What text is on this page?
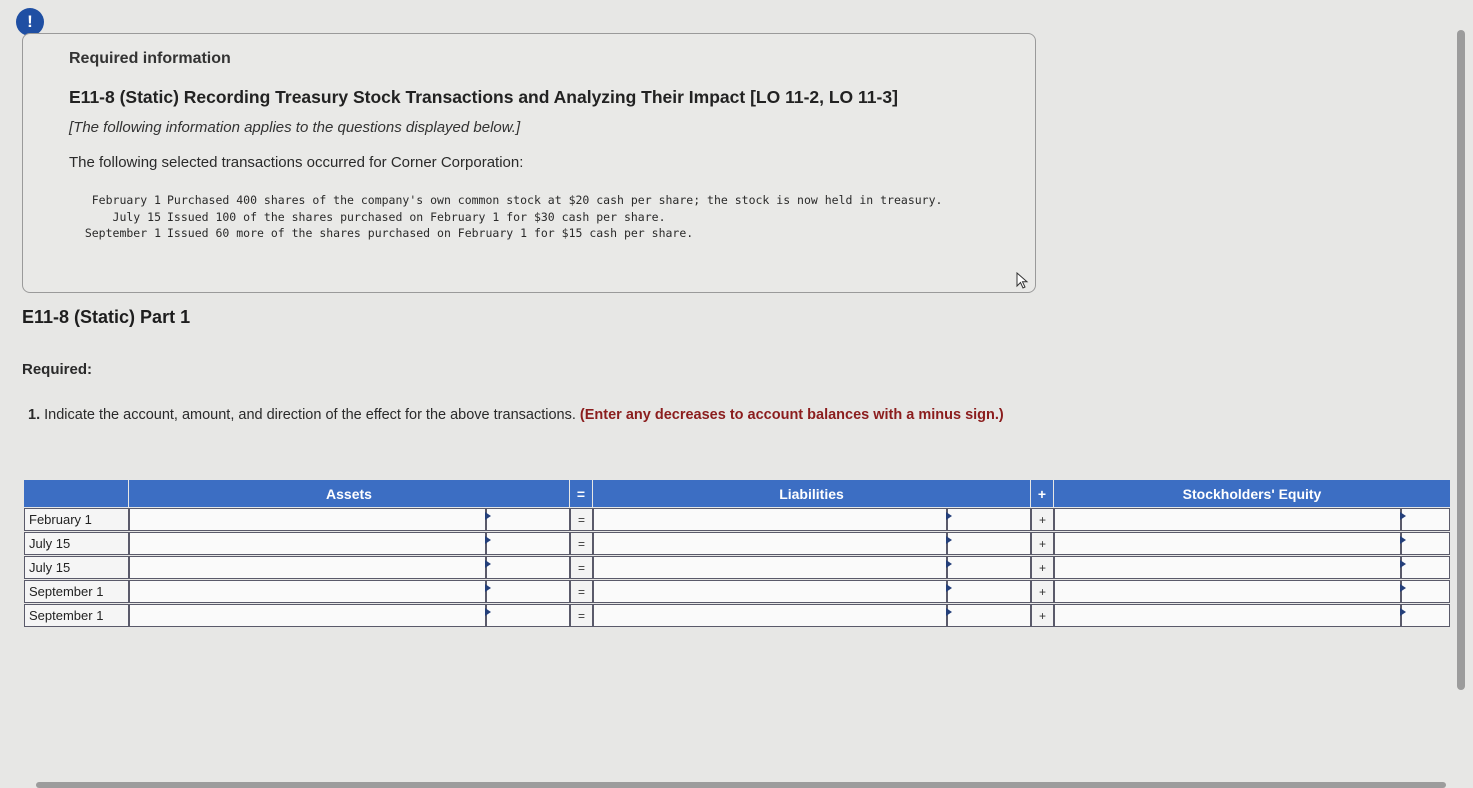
!
Required information
E11-8 (Static) Recording Treasury Stock Transactions and Analyzing Their Impact [LO 11-2, LO 11-3]
[The following information applies to the questions displayed below.]
The following selected transactions occurred for Corner Corporation:
February 1 Purchased 400 shares of the company's own common stock at $20 cash per share; the stock is now held in treasury.
July 15 Issued 100 of the shares purchased on February 1 for $30 cash per share.
September 1 Issued 60 more of the shares purchased on February 1 for $15 cash per share.
E11-8 (Static) Part 1
Required:
1. Indicate the account, amount, and direction of the effect for the above transactions. (Enter any decreases to account balances with a minus sign.)
Assets	=	Liabilities	+	Stockholders' Equity
February 1	=	+
July 15	=	+
July 15	=	+
September 1	=	+
September 1	=	+
